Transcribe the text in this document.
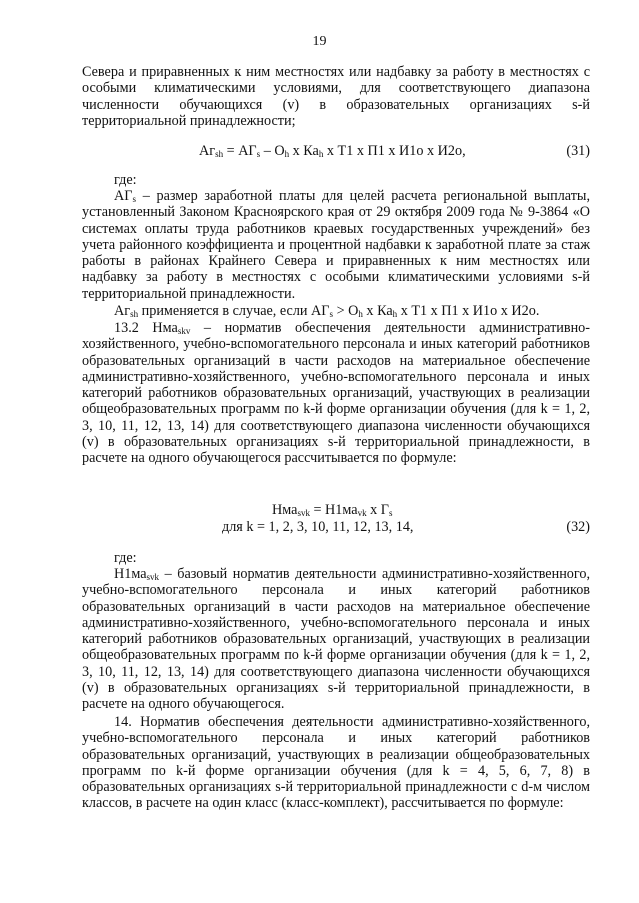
19

Севера и приравненных к ним местностях или надбавку за работу в местностях с особыми климатическими условиями, для соответствующего диапазона численности обучающихся (v) в образовательных организациях s-й территориальной принадлежности;

$Аг_{sh} = АГ_s - О_h$ х $Ка_h$ х Т1 х П1 х И1о х И2о,	(31)

где:

$АГ_s$ – размер заработной платы для целей расчета региональной выплаты, установленный Законом Красноярского края от 29 октября 2009 года № 9-3864 «О системах оплаты труда работников краевых государственных учреждений» без учета районного коэффициента и процентной надбавки к заработной плате за стаж работы в районах Крайнего Севера и приравненных к ним местностях или надбавку за работу в местностях с особыми климатическими условиями s-й территориальной принадлежности.

$Аг_{sh}$ применяется в случае, если $АГ_s > О_h$ х $Ка_h$ х Т1 х П1 х И1о х И2о.

13.2 Нма$_{skv}$ – норматив обеспечения деятельности административно-хозяйственного, учебно-вспомогательного персонала и иных категорий работников образовательных организаций в части расходов на материальное обеспечение административно-хозяйственного, учебно-вспомогательного персонала и иных категорий работников образовательных организаций, участвующих в реализации общеобразовательных программ по k-й форме организации обучения (для k = 1, 2, 3, 10, 11, 12, 13, 14) для соответствующего диапазона численности обучающихся (v) в образовательных организациях s-й территориальной принадлежности, в расчете на одного обучающегося рассчитывается по формуле:

$Нма_{svk} = Н1ма_{vk}$ х $Г_s$
для k = 1, 2, 3, 10, 11, 12, 13, 14,	(32)

где:

$Н1ма_{svk}$ – базовый норматив деятельности административно-хозяйственного, учебно-вспомогательного персонала и иных категорий работников образовательных организаций в части расходов на материальное обеспечение административно-хозяйственного, учебно-вспомогательного персонала и иных категорий работников образовательных организаций, участвующих в реализации общеобразовательных программ по k-й форме организации обучения (для k = 1, 2, 3, 10, 11, 12, 13, 14) для соответствующего диапазона численности обучающихся (v) в образовательных организациях s-й территориальной принадлежности, в расчете на одного обучающегося.

14. Норматив обеспечения деятельности административно-хозяйственного, учебно-вспомогательного персонала и иных категорий работников образовательных организаций, участвующих в реализации общеобразовательных программ по k-й форме организации обучения (для k = 4, 5, 6, 7, 8) в образовательных организациях s-й территориальной принадлежности с d-м числом классов, в расчете на один класс (класс-комплект), рассчитывается по формуле:
